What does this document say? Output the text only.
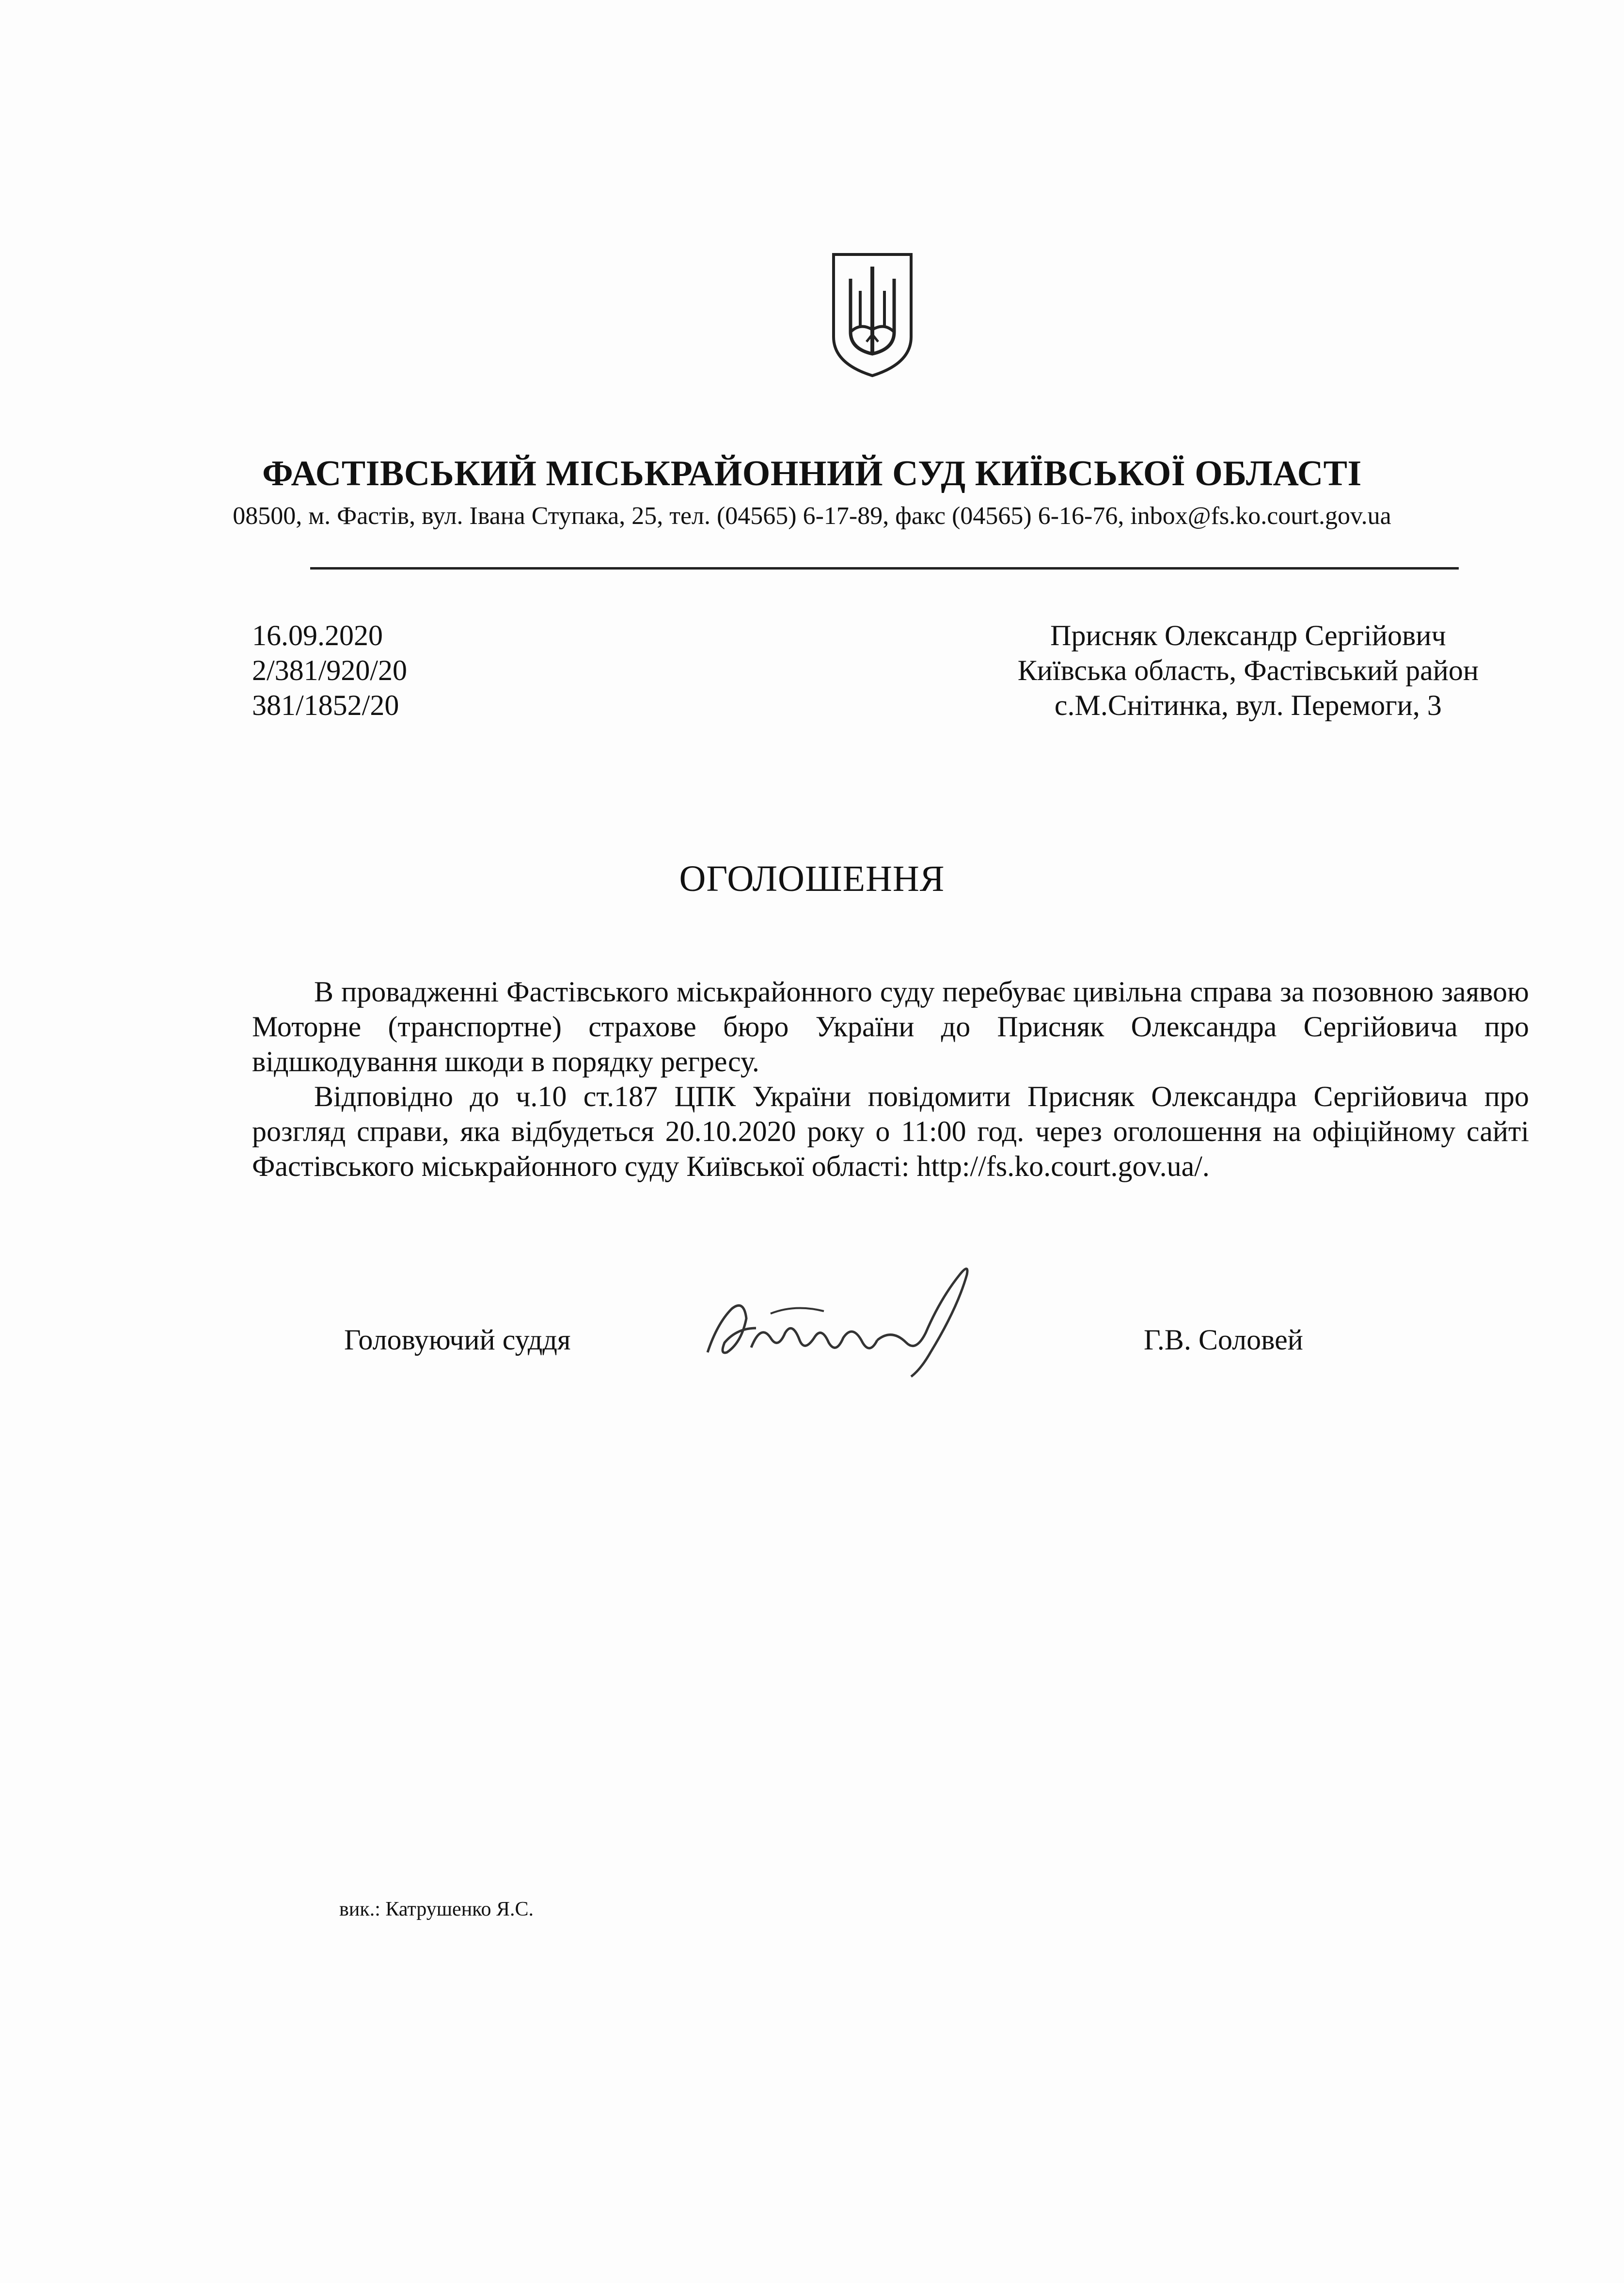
ФАСТІВСЬКИЙ МІСЬКРАЙОННИЙ СУД КИЇВСЬКОЇ ОБЛАСТІ
08500, м. Фастів, вул. Івана Ступака, 25, тел. (04565) 6-17-89, факс (04565) 6-16-76, inbox@fs.ko.court.gov.ua
16.09.2020
2/381/920/20
381/1852/20
Присняк Олександр Сергійович
Київська область, Фастівський район
с.М.Снітинка, вул. Перемоги, 3
ОГОЛОШЕННЯ

В провадженні Фастівського міськрайонного суду перебуває цивільна справа за позовною заявою Моторне (транспортне) страхове бюро України до Присняк Олександра Сергійовича про відшкодування шкоди в порядку регресу.

Відповідно до ч.10 ст.187 ЦПК України повідомити Присняк Олександра Сергійовича про розгляд справи, яка відбудеться 20.10.2020 року о 11:00 год. через оголошення на офіційному сайті Фастівського міськрайонного суду Київської області: http://fs.ko.court.gov.ua/.

Головуючий суддя	Г.В. Соловей
вик.: Катрушенко Я.С.
